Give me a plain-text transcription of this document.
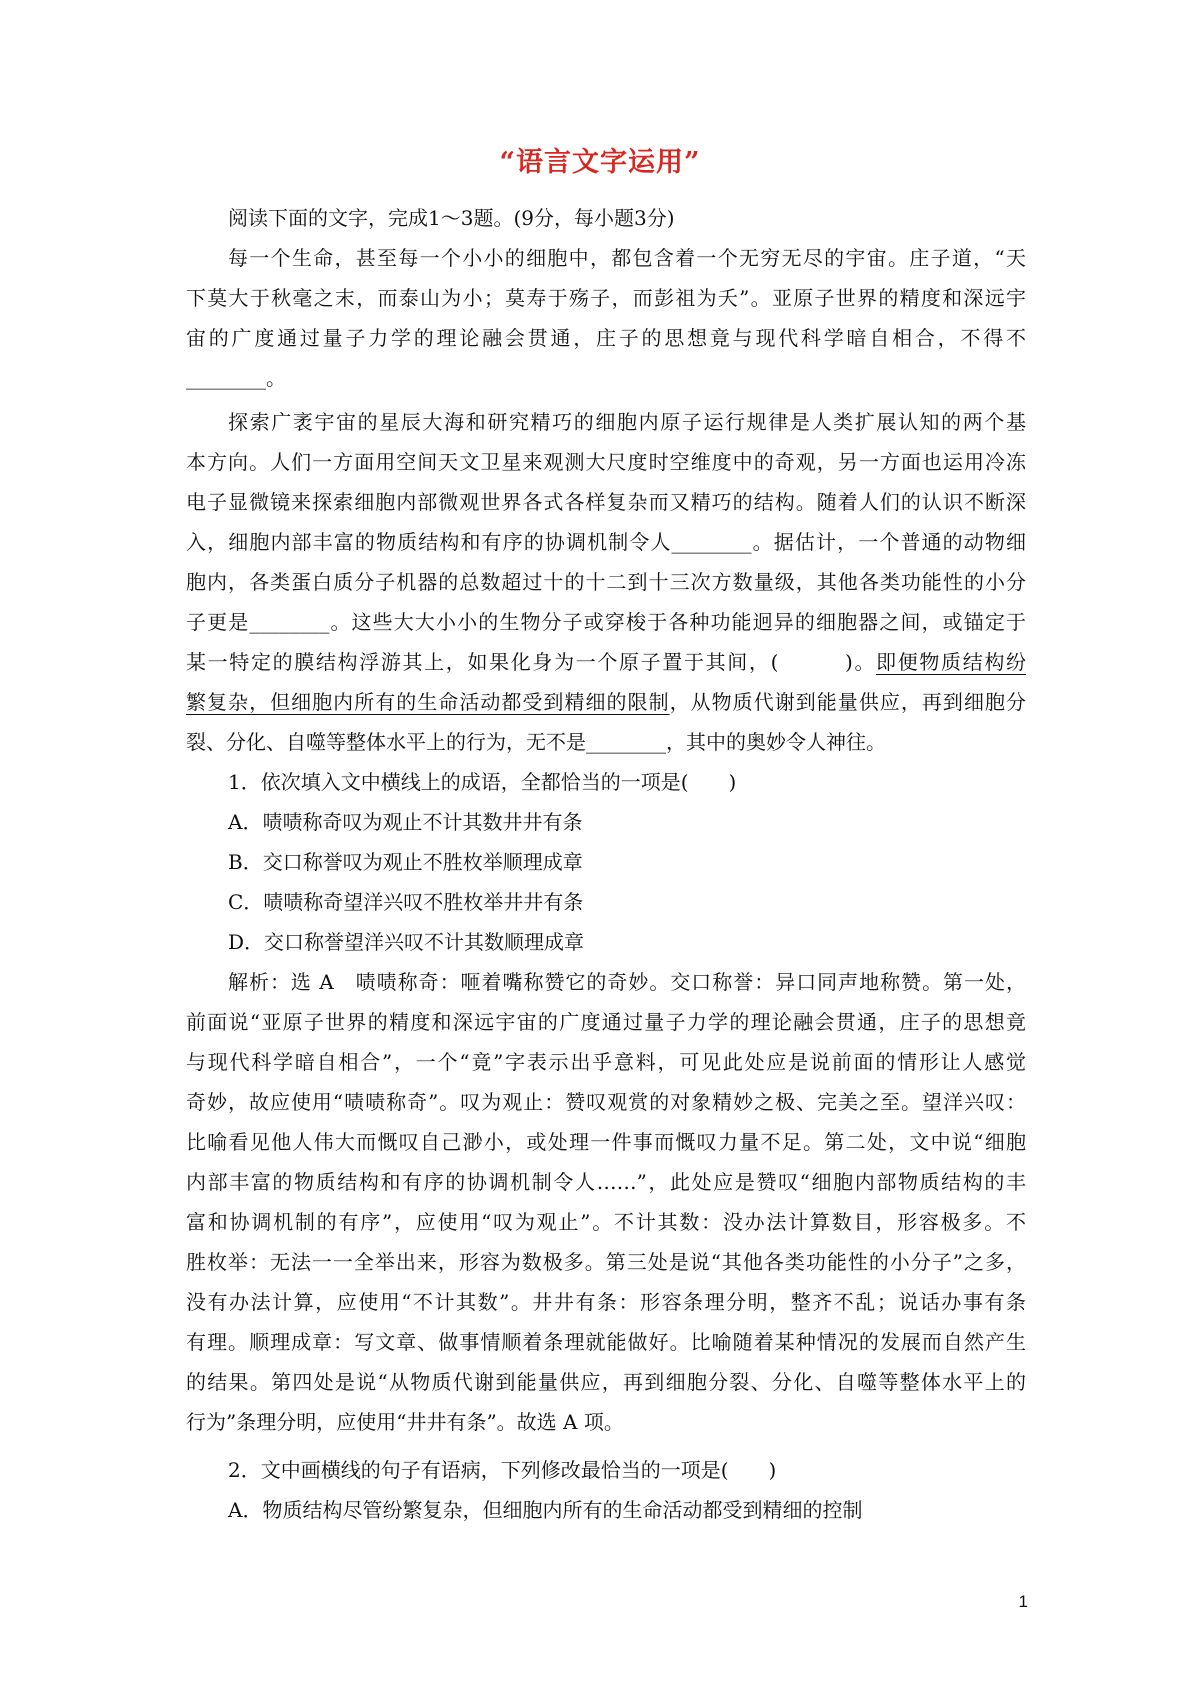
“语言文字运用”
阅读下面的文字，完成1～3题。(9分，每小题3分)
每一个生命，甚至每一个小小的细胞中，都包含着一个无穷无尽的宇宙。庄子道，“天
下莫大于秋毫之末，而泰山为小；莫寿于殇子，而彭祖为夭”。亚原子世界的精度和深远宇
宙的广度通过量子力学的理论融会贯通，庄子的思想竟与现代科学暗自相合，不得不
________。
探索广袤宇宙的星辰大海和研究精巧的细胞内原子运行规律是人类扩展认知的两个基
本方向。人们一方面用空间天文卫星来观测大尺度时空维度中的奇观，另一方面也运用冷冻
电子显微镜来探索细胞内部微观世界各式各样复杂而又精巧的结构。随着人们的认识不断深
入，细胞内部丰富的物质结构和有序的协调机制令人________。据估计，一个普通的动物细
胞内，各类蛋白质分子机器的总数超过十的十二到十三次方数量级，其他各类功能性的小分
子更是________。这些大大小小的生物分子或穿梭于各种功能迥异的细胞器之间，或锚定于
某一特定的膜结构浮游其上，如果化身为一个原子置于其间，(　　　)。即便物质结构纷
繁复杂，但细胞内所有的生命活动都受到精细的限制，从物质代谢到能量供应，再到细胞分
裂、分化、自噬等整体水平上的行为，无不是________，其中的奥妙令人神往。
1．依次填入文中横线上的成语，全都恰当的一项是(　　)
A．啧啧称奇叹为观止不计其数井井有条
B．交口称誉叹为观止不胜枚举顺理成章
C．啧啧称奇望洋兴叹不胜枚举井井有条
D．交口称誉望洋兴叹不计其数顺理成章
解析：选 A　啧啧称奇：咂着嘴称赞它的奇妙。交口称誉：异口同声地称赞。第一处，
前面说“亚原子世界的精度和深远宇宙的广度通过量子力学的理论融会贯通，庄子的思想竟
与现代科学暗自相合”，一个“竟”字表示出乎意料，可见此处应是说前面的情形让人感觉
奇妙，故应使用“啧啧称奇”。叹为观止：赞叹观赏的对象精妙之极、完美之至。望洋兴叹：
比喻看见他人伟大而慨叹自己渺小，或处理一件事而慨叹力量不足。第二处，文中说“细胞
内部丰富的物质结构和有序的协调机制令人……”，此处应是赞叹“细胞内部物质结构的丰
富和协调机制的有序”，应使用“叹为观止”。不计其数：没办法计算数目，形容极多。不
胜枚举：无法一一全举出来，形容为数极多。第三处是说“其他各类功能性的小分子”之多，
没有办法计算，应使用“不计其数”。井井有条：形容条理分明，整齐不乱；说话办事有条
有理。顺理成章：写文章、做事情顺着条理就能做好。比喻随着某种情况的发展而自然产生
的结果。第四处是说“从物质代谢到能量供应，再到细胞分裂、分化、自噬等整体水平上的
行为”条理分明，应使用“井井有条”。故选 A 项。
2．文中画横线的句子有语病，下列修改最恰当的一项是(　　)
A．物质结构尽管纷繁复杂，但细胞内所有的生命活动都受到精细的控制
1
